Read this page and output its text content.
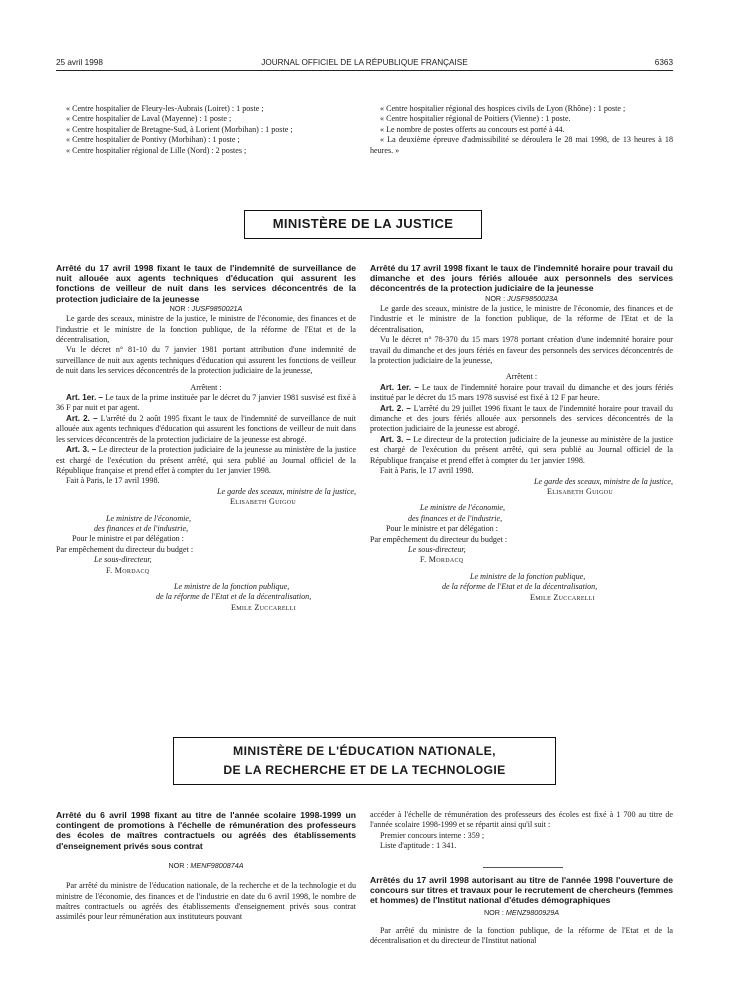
25 avril 1998	JOURNAL OFFICIEL DE LA RÉPUBLIQUE FRANÇAISE	6363

« Centre hospitalier de Fleury-les-Aubrais (Loiret) : 1 poste ;

« Centre hospitalier de Laval (Mayenne) : 1 poste ;

« Centre hospitalier de Bretagne-Sud, à Lorient (Morbihan) : 1 poste ;

« Centre hospitalier de Pontivy (Morbihan) : 1 poste ;

« Centre hospitalier régional de Lille (Nord) : 2 postes ;

« Centre hospitalier régional des hospices civils de Lyon (Rhône) : 1 poste ;

« Centre hospitalier régional de Poitiers (Vienne) : 1 poste.

« Le nombre de postes offerts au concours est porté à 44.

« La deuxième épreuve d'admissibilité se déroulera le 28 mai 1998, de 13 heures à 18 heures. »

MINISTÈRE DE LA JUSTICE

Arrêté du 17 avril 1998 fixant le taux de l'indemnité de surveillance de nuit allouée aux agents techniques d'éducation qui assurent les fonctions de veilleur de nuit dans les services déconcentrés de la protection judiciaire de la jeunesse

NOR : JUSF9850021A

Le garde des sceaux, ministre de la justice, le ministre de l'économie, des finances et de l'industrie et le ministre de la fonction publique, de la réforme de l'Etat et de la décentralisation,

Vu le décret n° 81-10 du 7 janvier 1981 portant attribution d'une indemnité de surveillance de nuit aux agents techniques d'éducation qui assurent les fonctions de veilleur de nuit dans les services déconcentrés de la protection judiciaire de la jeunesse,

Arrêtent :

Art. 1er. – Le taux de la prime instituée par le décret du 7 janvier 1981 susvisé est fixé à 36 F par nuit et par agent.

Art. 2. – L'arrêté du 2 août 1995 fixant le taux de l'indemnité de surveillance de nuit allouée aux agents techniques d'éducation qui assurent les fonctions de veilleur de nuit dans les services déconcentrés de la protection judiciaire de la jeunesse est abrogé.

Art. 3. – Le directeur de la protection judiciaire de la jeunesse au ministère de la justice est chargé de l'exécution du présent arrêté, qui sera publié au Journal officiel de la République française et prend effet à compter du 1er janvier 1998.

Fait à Paris, le 17 avril 1998.

Le garde des sceaux, ministre de la justice,

Elisabeth Guigou

Le ministre de l'économie,

des finances et de l'industrie,

Pour le ministre et par délégation :

Par empêchement du directeur du budget :

Le sous-directeur,

F. Mordacq

Le ministre de la fonction publique,

de la réforme de l'Etat et de la décentralisation,

Emile Zuccarelli

Arrêté du 17 avril 1998 fixant le taux de l'indemnité horaire pour travail du dimanche et des jours fériés allouée aux personnels des services déconcentrés de la protection judiciaire de la jeunesse

NOR : JUSF9850023A

Le garde des sceaux, ministre de la justice, le ministre de l'économie, des finances et de l'industrie et le ministre de la fonction publique, de la réforme de l'Etat et de la décentralisation,

Vu le décret n° 78-370 du 15 mars 1978 portant création d'une indemnité horaire pour travail du dimanche et des jours fériés en faveur des personnels des services déconcentrés de la protection judiciaire de la jeunesse,

Arrêtent :

Art. 1er. – Le taux de l'indemnité horaire pour travail du dimanche et des jours fériés institué par le décret du 15 mars 1978 susvisé est fixé à 12 F par heure.

Art. 2. – L'arrêté du 29 juillet 1996 fixant le taux de l'indemnité horaire pour travail du dimanche et des jours fériés allouée aux personnels des services déconcentrés de la protection judiciaire de la jeunesse est abrogé.

Art. 3. – Le directeur de la protection judiciaire de la jeunesse au ministère de la justice est chargé de l'exécution du présent arrêté, qui sera publié au Journal officiel de la République française et prend effet à compter du 1er janvier 1998.

Fait à Paris, le 17 avril 1998.

Le garde des sceaux, ministre de la justice,

Elisabeth Guigou

Le ministre de l'économie,

des finances et de l'industrie,

Pour le ministre et par délégation :

Par empêchement du directeur du budget :

Le sous-directeur,

F. Mordacq

Le ministre de la fonction publique,

de la réforme de l'Etat et de la décentralisation,

Emile Zuccarelli

MINISTÈRE DE L'ÉDUCATION NATIONALE,
DE LA RECHERCHE ET DE LA TECHNOLOGIE

Arrêté du 6 avril 1998 fixant au titre de l'année scolaire 1998-1999 un contingent de promotions à l'échelle de rémunération des professeurs des écoles de maîtres contractuels ou agréés des établissements d'enseignement privés sous contrat

NOR : MENF9800874A

Par arrêté du ministre de l'éducation nationale, de la recherche et de la technologie et du ministre de l'économie, des finances et de l'industrie en date du 6 avril 1998, le nombre de maîtres contractuels ou agréés des établissements d'enseignement privés sous contrat assimilés pour leur rémunération aux instituteurs pouvant

accéder à l'échelle de rémunération des professeurs des écoles est fixé à 1 700 au titre de l'année scolaire 1998-1999 et se répartit ainsi qu'il suit :

Premier concours interne : 359 ;

Liste d'aptitude : 1 341.

Arrêtés du 17 avril 1998 autorisant au titre de l'année 1998 l'ouverture de concours sur titres et travaux pour le recrutement de chercheurs (femmes et hommes) de l'Institut national d'études démographiques

NOR : MENZ9800929A

Par arrêté du ministre de la fonction publique, de la réforme de l'Etat et de la décentralisation et du directeur de l'Institut national
